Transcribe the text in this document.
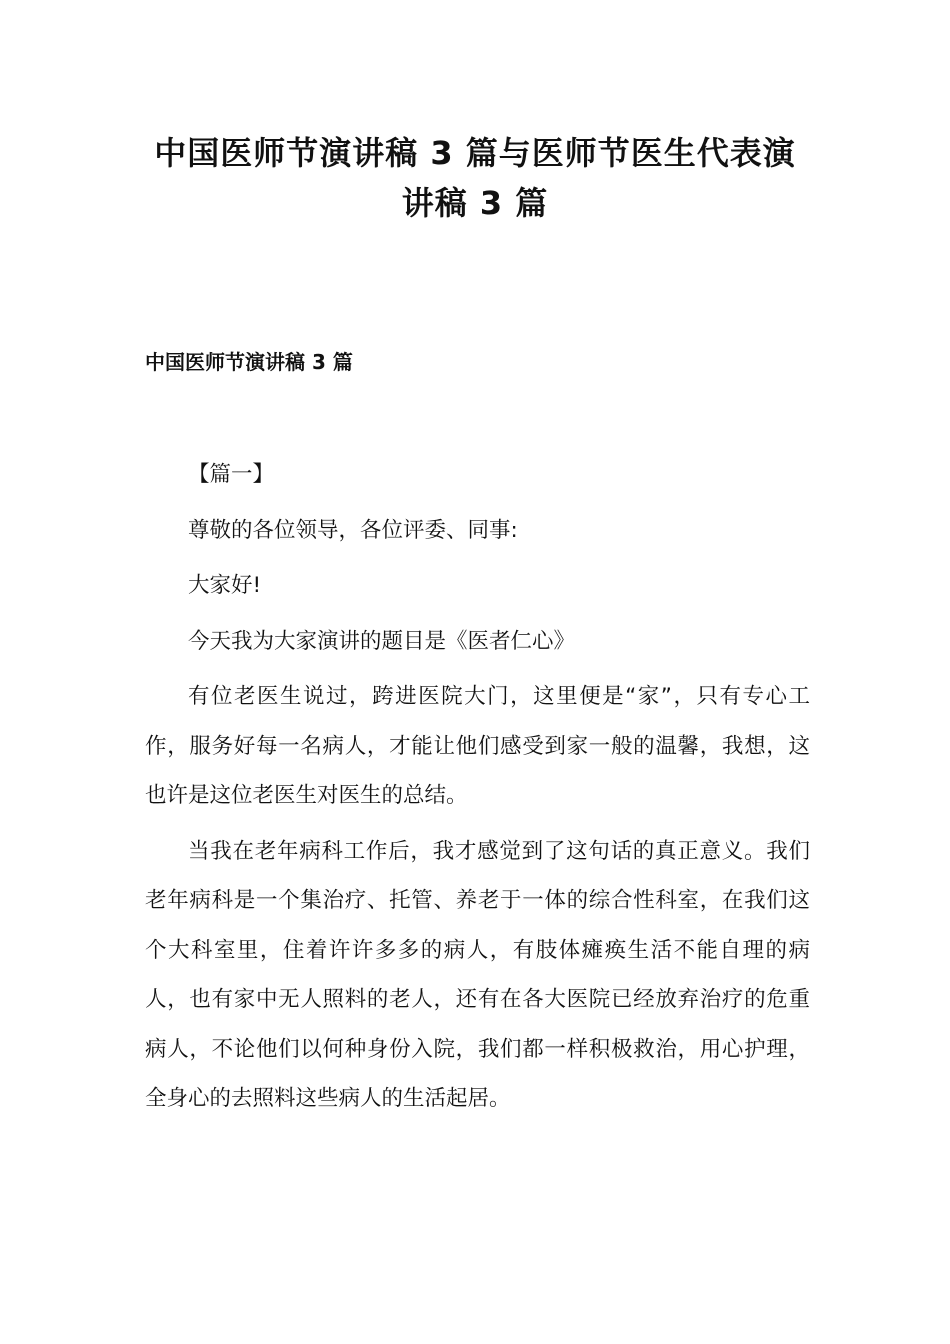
中国医师节演讲稿 3 篇与医师节医生代表演
讲稿 3 篇
中国医师节演讲稿 3 篇

【篇一】

尊敬的各位领导，各位评委、同事:

大家好!

今天我为大家演讲的题目是《医者仁心》

有位老医生说过，跨进医院大门，这里便是“家”，只有专心工作，服务好每一名病人，才能让他们感受到家一般的温馨，我想，这也许是这位老医生对医生的总结。

当我在老年病科工作后，我才感觉到了这句话的真正意义。我们老年病科是一个集治疗、托管、养老于一体的综合性科室，在我们这个大科室里，住着许许多多的病人，有肢体瘫痪生活不能自理的病人，也有家中无人照料的老人，还有在各大医院已经放弃治疗的危重病人，不论他们以何种身份入院，我们都一样积极救治，用心护理，全身心的去照料这些病人的生活起居。
